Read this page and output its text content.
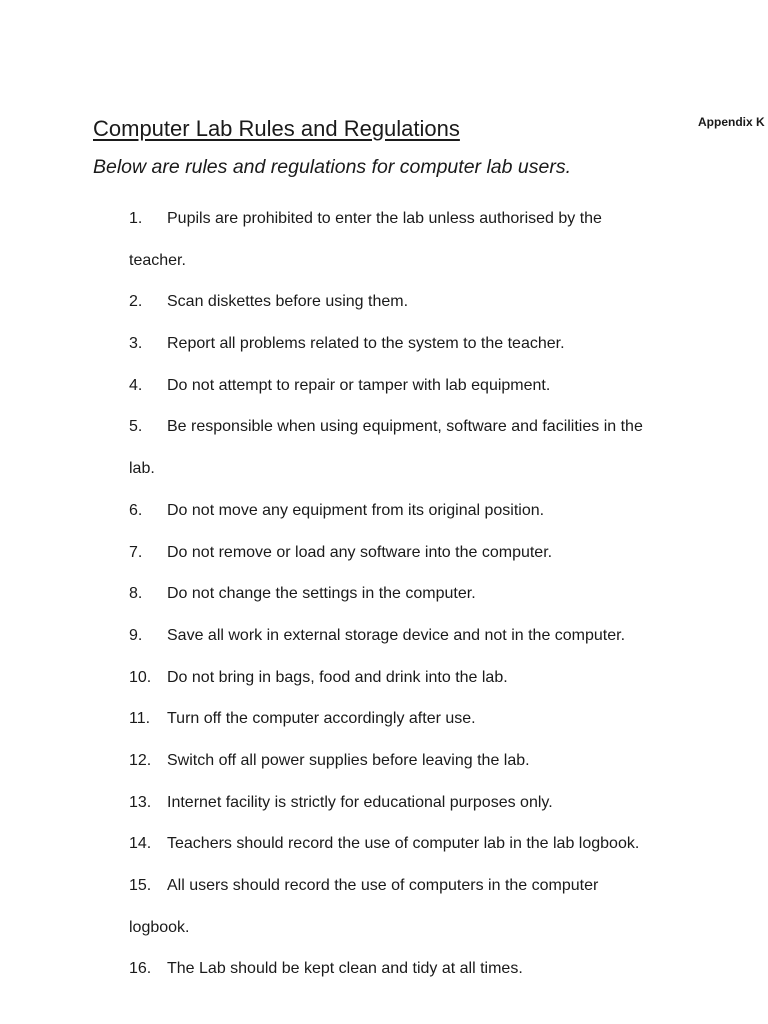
Appendix K
Computer Lab Rules and Regulations
Below are rules and regulations for computer lab users.
1. Pupils are prohibited to enter the lab unless authorised by the
teacher.
2. Scan diskettes before using them.
3. Report all problems related to the system to the teacher.
4. Do not attempt to repair or tamper with lab equipment.
5. Be responsible when using equipment, software and facilities in the
lab.
6. Do not move any equipment from its original position.
7. Do not remove or load any software into the computer.
8. Do not change the settings in the computer.
9. Save all work in external storage device and not in the computer.
10. Do not bring in bags, food and drink into the lab.
11. Turn off the computer accordingly after use.
12. Switch off all power supplies before leaving the lab.
13. Internet facility is strictly for educational purposes only.
14. Teachers should record the use of computer lab in the lab logbook.
15. All users should record the use of computers in the computer
logbook.
16. The Lab should be kept clean and tidy at all times.
